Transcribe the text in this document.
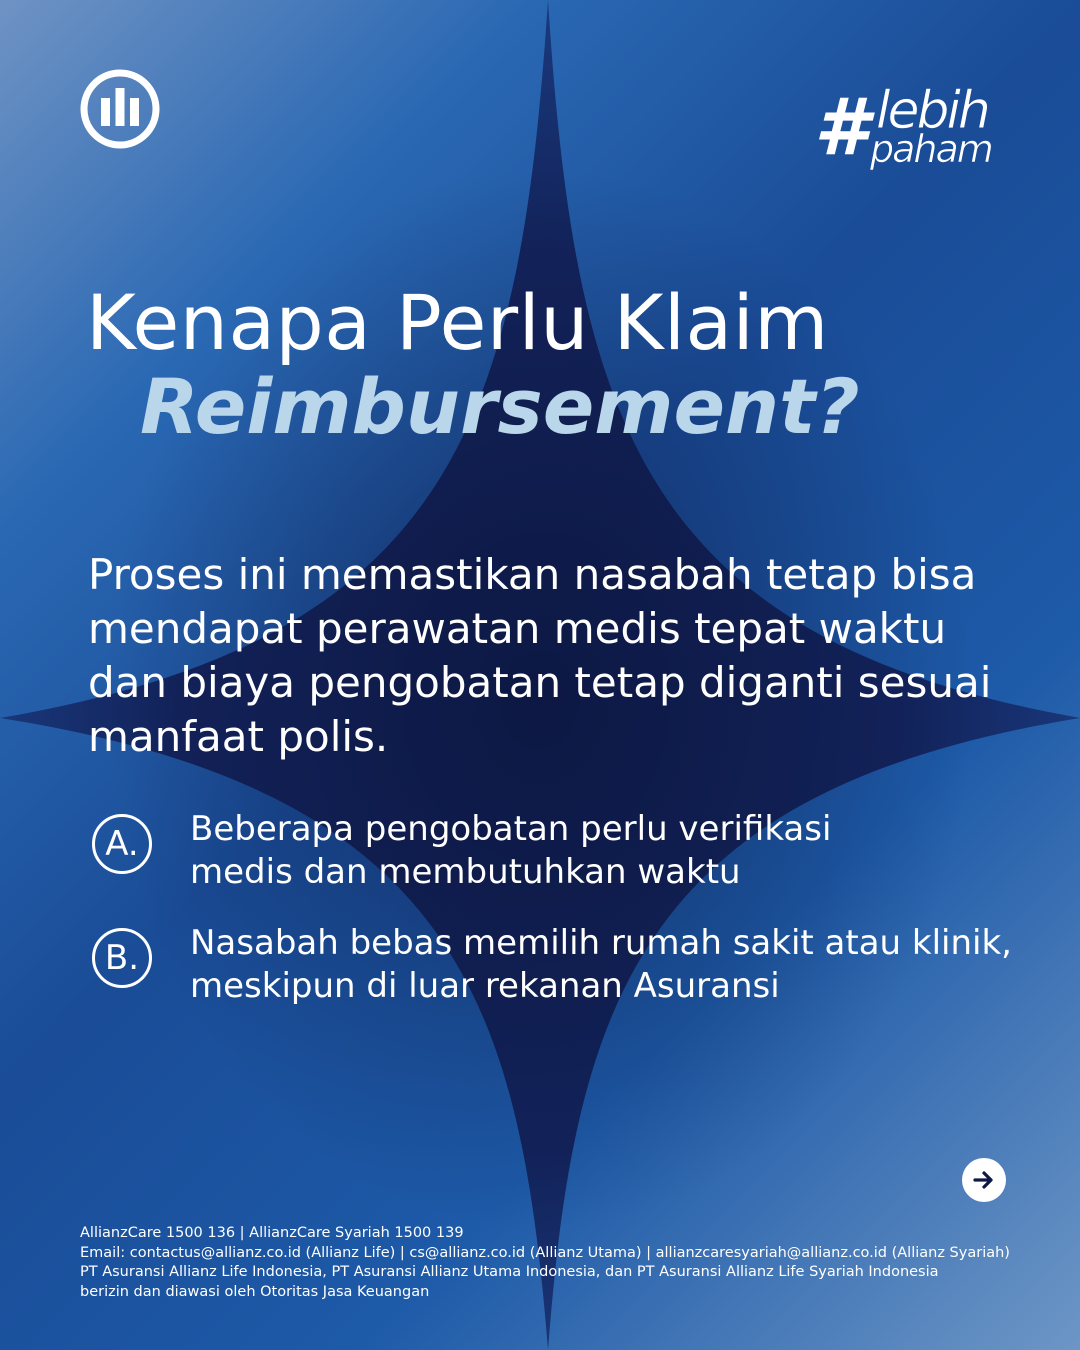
# lebih
paham
Kenapa Perlu Klaim
Reimbursement?
Proses ini memastikan nasabah tetap bisa mendapat perawatan medis tepat waktu dan biaya pengobatan tetap diganti sesuai manfaat polis.
A.	Beberapa pengobatan perlu verifikasi
medis dan membutuhkan waktu
B.	Nasabah bebas memilih rumah sakit atau klinik,
meskipun di luar rekanan Asuransi
AllianzCare 1500 136 | AllianzCare Syariah 1500 139
Email: contactus@allianz.co.id (Allianz Life) | cs@allianz.co.id (Allianz Utama) | allianzcaresyariah@allianz.co.id (Allianz Syariah)
PT Asuransi Allianz Life Indonesia, PT Asuransi Allianz Utama Indonesia, dan PT Asuransi Allianz Life Syariah Indonesia
berizin dan diawasi oleh Otoritas Jasa Keuangan
